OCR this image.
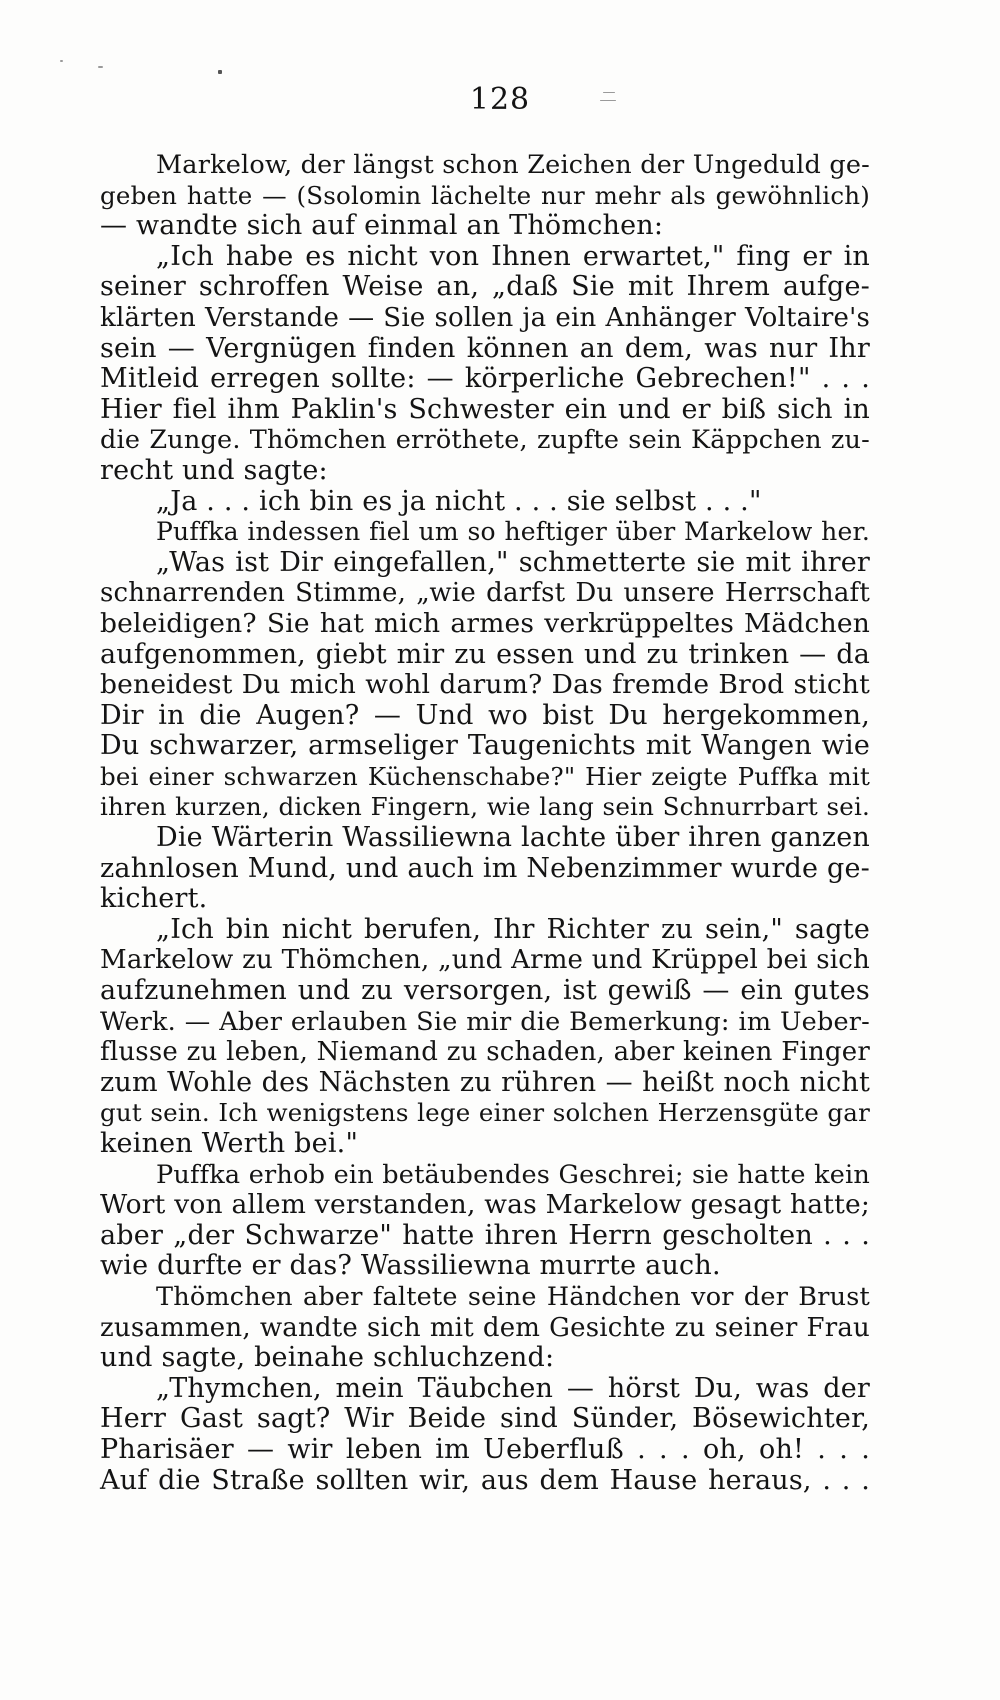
128
Markelow, der längst schon Zeichen der Ungeduld ge-
geben hatte — (Ssolomin lächelte nur mehr als gewöhnlich)
— wandte sich auf einmal an Thömchen:
„Ich habe es nicht von Ihnen erwartet," fing er in
seiner schroffen Weise an, „daß Sie mit Ihrem aufge-
klärten Verstande — Sie sollen ja ein Anhänger Voltaire's
sein — Vergnügen finden können an dem, was nur Ihr
Mitleid erregen sollte: — körperliche Gebrechen!" . . .
Hier fiel ihm Paklin's Schwester ein und er biß sich in
die Zunge. Thömchen erröthete, zupfte sein Käppchen zu-
recht und sagte:
„Ja . . . ich bin es ja nicht . . . sie selbst . . ."
Puffka indessen fiel um so heftiger über Markelow her.
„Was ist Dir eingefallen," schmetterte sie mit ihrer
schnarrenden Stimme, „wie darfst Du unsere Herrschaft
beleidigen? Sie hat mich armes verkrüppeltes Mädchen
aufgenommen, giebt mir zu essen und zu trinken — da
beneidest Du mich wohl darum? Das fremde Brod sticht
Dir in die Augen? — Und wo bist Du hergekommen,
Du schwarzer, armseliger Taugenichts mit Wangen wie
bei einer schwarzen Küchenschabe?" Hier zeigte Puffka mit
ihren kurzen, dicken Fingern, wie lang sein Schnurrbart sei.
Die Wärterin Wassiliewna lachte über ihren ganzen
zahnlosen Mund, und auch im Nebenzimmer wurde ge-
kichert.
„Ich bin nicht berufen, Ihr Richter zu sein," sagte
Markelow zu Thömchen, „und Arme und Krüppel bei sich
aufzunehmen und zu versorgen, ist gewiß — ein gutes
Werk. — Aber erlauben Sie mir die Bemerkung: im Ueber-
flusse zu leben, Niemand zu schaden, aber keinen Finger
zum Wohle des Nächsten zu rühren — heißt noch nicht
gut sein. Ich wenigstens lege einer solchen Herzensgüte gar
keinen Werth bei."
Puffka erhob ein betäubendes Geschrei; sie hatte kein
Wort von allem verstanden, was Markelow gesagt hatte;
aber „der Schwarze" hatte ihren Herrn gescholten . . .
wie durfte er das? Wassiliewna murrte auch.
Thömchen aber faltete seine Händchen vor der Brust
zusammen, wandte sich mit dem Gesichte zu seiner Frau
und sagte, beinahe schluchzend:
„Thymchen, mein Täubchen — hörst Du, was der
Herr Gast sagt? Wir Beide sind Sünder, Bösewichter,
Pharisäer — wir leben im Ueberfluß . . . oh, oh! . . .
Auf die Straße sollten wir, aus dem Hause heraus, . . .
